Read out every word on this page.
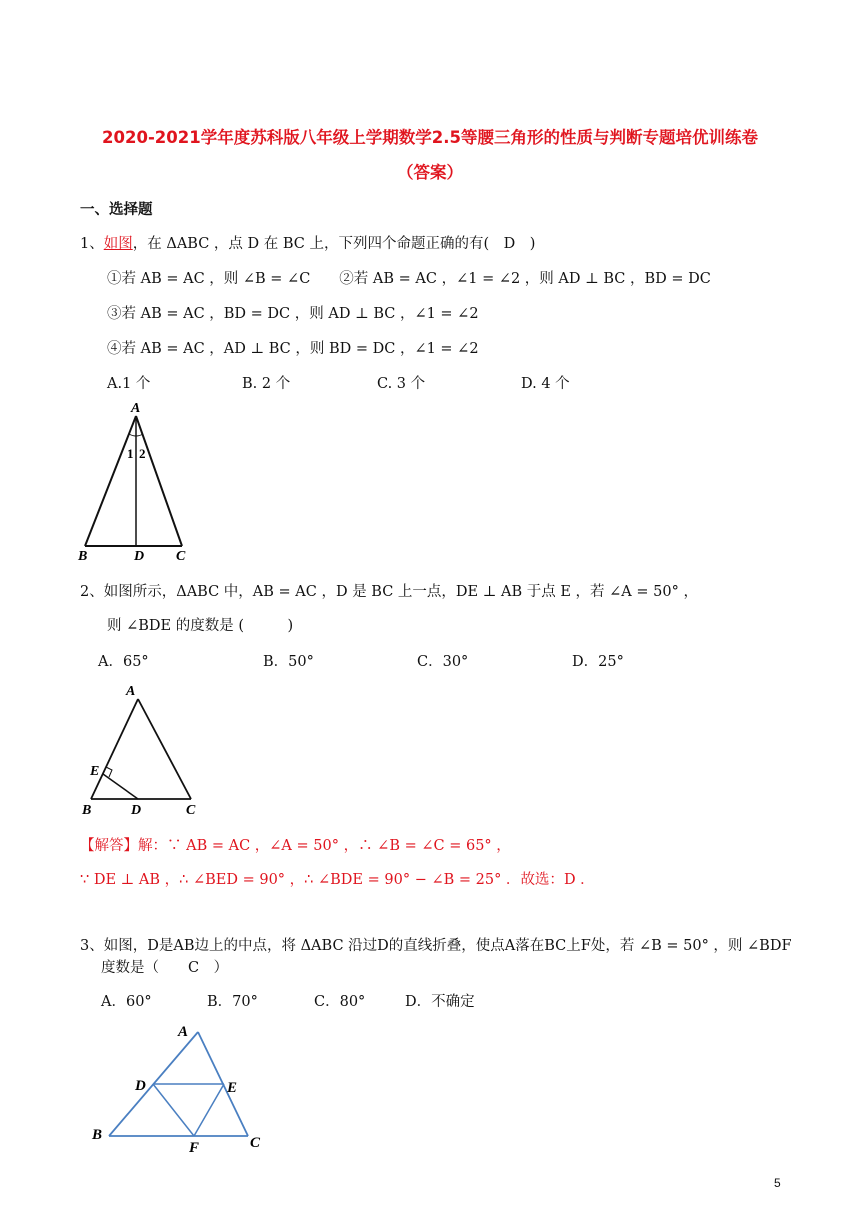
2020-2021学年度苏科版八年级上学期数学2.5等腰三角形的性质与判断专题培优训练卷
（答案）
一、选择题
1、如图，在 ΔABC ，点 D 在 BC 上，下列四个命题正确的有(　D　)
①若 AB = AC ，则 ∠B = ∠C　　②若 AB = AC ，∠1 = ∠2 ，则 AD ⊥ BC ，BD = DC
③若 AB = AC ，BD = DC ，则 AD ⊥ BC ，∠1 = ∠2
④若 AB = AC ，AD ⊥ BC ，则 BD = DC ，∠1 = ∠2
A.1 个	B. 2 个	C. 3 个	D. 4 个
A
B	D C
1 2
2、如图所示，ΔABC 中，AB = AC ，D 是 BC 上一点，DE ⊥ AB 于点 E ，若 ∠A = 50° ，
则 ∠BDE 的度数是 (　　　)
A．65°	B．50°	C．30°	D．25°
A
E
B	D	C
【解答】解：∵ AB = AC ，∠A = 50° ，∴ ∠B = ∠C = 65° ，
∵ DE ⊥ AB ，∴ ∠BED = 90° ，∴ ∠BDE = 90° − ∠B = 25° ．故选：D ．
3、如图，D是AB边上的中点，将 ΔABC 沿过D的直线折叠，使点A落在BC上F处，若 ∠B = 50° ，则 ∠BDF
度数是（　　C　）
A．60°	B．70°	C．80°	D．不确定
A
D	E
B
F	C
5
